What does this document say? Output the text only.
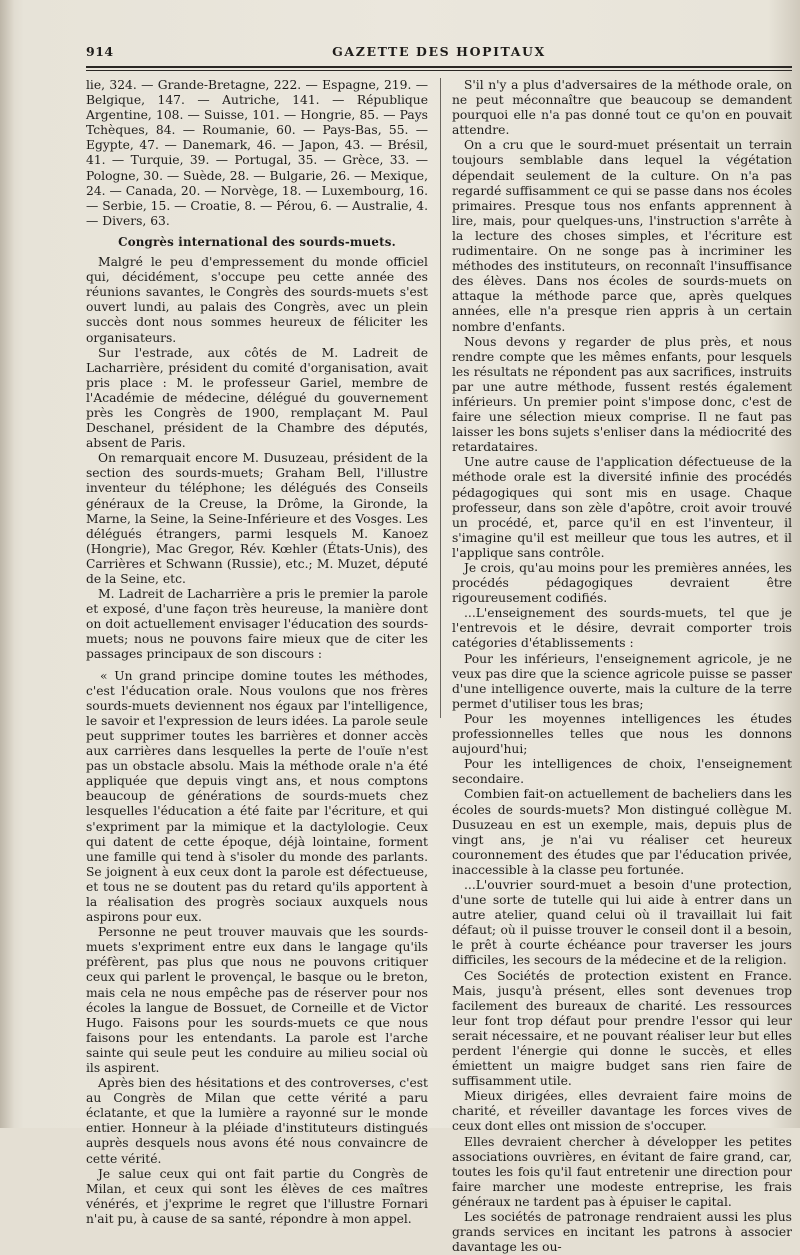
914	GAZETTE DES HOPITAUX

lie, 324. — Grande-Bretagne, 222. — Espagne, 219. — Belgique, 147. — Autriche, 141. — République Argentine, 108. — Suisse, 101. — Hongrie, 85. — Pays Tchèques, 84. — Roumanie, 60. — Pays-Bas, 55. — Egypte, 47. — Danemark, 46. — Japon, 43. — Brésil, 41. — Turquie, 39. — Portugal, 35. — Grèce, 33. — Pologne, 30. — Suède, 28. — Bulgarie, 26. — Mexique, 24. — Canada, 20. — Norvège, 18. — Luxembourg, 16. — Serbie, 15. — Croatie, 8. — Pérou, 6. — Australie, 4. — Divers, 63.

Congrès international des sourds-muets.

Malgré le peu d'empressement du monde officiel qui, décidément, s'occupe peu cette année des réunions savantes, le Congrès des sourds-muets s'est ouvert lundi, au palais des Congrès, avec un plein succès dont nous sommes heureux de féliciter les organisateurs.

Sur l'estrade, aux côtés de M. Ladreit de Lacharrière, président du comité d'organisation, avait pris place : M. le professeur Gariel, membre de l'Académie de médecine, délégué du gouvernement près les Congrès de 1900, remplaçant M. Paul Deschanel, président de la Chambre des députés, absent de Paris.

On remarquait encore M. Dusuzeau, président de la section des sourds-muets; Graham Bell, l'illustre inventeur du téléphone; les délégués des Conseils généraux de la Creuse, la Drôme, la Gironde, la Marne, la Seine, la Seine-Inférieure et des Vosges. Les délégués étrangers, parmi lesquels M. Kanoez (Hongrie), Mac Gregor, Rév. Kœhler (États-Unis), des Carrières et Schwann (Russie), etc.; M. Muzet, député de la Seine, etc.

M. Ladreit de Lacharrière a pris le premier la parole et exposé, d'une façon très heureuse, la manière dont on doit actuellement envisager l'éducation des sourds-muets; nous ne pouvons faire mieux que de citer les passages principaux de son discours :

« Un grand principe domine toutes les méthodes, c'est l'éducation orale. Nous voulons que nos frères sourds-muets deviennent nos égaux par l'intelligence, le savoir et l'expression de leurs idées. La parole seule peut supprimer toutes les barrières et donner accès aux carrières dans lesquelles la perte de l'ouïe n'est pas un obstacle absolu. Mais la méthode orale n'a été appliquée que depuis vingt ans, et nous comptons beaucoup de générations de sourds-muets chez lesquelles l'éducation a été faite par l'écriture, et qui s'expriment par la mimique et la dactylologie. Ceux qui datent de cette époque, déjà lointaine, forment une famille qui tend à s'isoler du monde des parlants. Se joignent à eux ceux dont la parole est défectueuse, et tous ne se doutent pas du retard qu'ils apportent à la réalisation des progrès sociaux auxquels nous aspirons pour eux.

Personne ne peut trouver mauvais que les sourds-muets s'expriment entre eux dans le langage qu'ils préfèrent, pas plus que nous ne pouvons critiquer ceux qui parlent le provençal, le basque ou le breton, mais cela ne nous empêche pas de réserver pour nos écoles la langue de Bossuet, de Corneille et de Victor Hugo. Faisons pour les sourds-muets ce que nous faisons pour les entendants. La parole est l'arche sainte qui seule peut les conduire au milieu social où ils aspirent.

Après bien des hésitations et des controverses, c'est au Congrès de Milan que cette vérité a paru éclatante, et que la lumière a rayonné sur le monde entier. Honneur à la pléiade d'instituteurs distingués auprès desquels nous avons été nous convaincre de cette vérité.

Je salue ceux qui ont fait partie du Congrès de Milan, et ceux qui sont les élèves de ces maîtres vénérés, et j'exprime le regret que l'illustre Fornari n'ait pu, à cause de sa santé, répondre à mon appel.

S'il n'y a plus d'adversaires de la méthode orale, on ne peut méconnaître que beaucoup se demandent pourquoi elle n'a pas donné tout ce qu'on en pouvait attendre.

On a cru que le sourd-muet présentait un terrain toujours semblable dans lequel la végétation dépendait seulement de la culture. On n'a pas regardé suffisamment ce qui se passe dans nos écoles primaires. Presque tous nos enfants apprennent à lire, mais, pour quelques-uns, l'instruction s'arrête à la lecture des choses simples, et l'écriture est rudimentaire. On ne songe pas à incriminer les méthodes des instituteurs, on reconnaît l'insuffisance des élèves. Dans nos écoles de sourds-muets on attaque la méthode parce que, après quelques années, elle n'a presque rien appris à un certain nombre d'enfants.

Nous devons y regarder de plus près, et nous rendre compte que les mêmes enfants, pour lesquels les résultats ne répondent pas aux sacrifices, instruits par une autre méthode, fussent restés également inférieurs. Un premier point s'impose donc, c'est de faire une sélection mieux comprise. Il ne faut pas laisser les bons sujets s'enliser dans la médiocrité des retardataires.

Une autre cause de l'application défectueuse de la méthode orale est la diversité infinie des procédés pédagogiques qui sont mis en usage. Chaque professeur, dans son zèle d'apôtre, croit avoir trouvé un procédé, et, parce qu'il en est l'inventeur, il s'imagine qu'il est meilleur que tous les autres, et il l'applique sans contrôle.

Je crois, qu'au moins pour les premières années, les procédés pédagogiques devraient être rigoureusement codifiés.

...L'enseignement des sourds-muets, tel que je l'entrevois et le désire, devrait comporter trois catégories d'établissements :

Pour les inférieurs, l'enseignement agricole, je ne veux pas dire que la science agricole puisse se passer d'une intelligence ouverte, mais la culture de la terre permet d'utiliser tous les bras;

Pour les moyennes intelligences les études professionnelles telles que nous les donnons aujourd'hui;

Pour les intelligences de choix, l'enseignement secondaire.

Combien fait-on actuellement de bacheliers dans les écoles de sourds-muets? Mon distingué collègue M. Dusuzeau en est un exemple, mais, depuis plus de vingt ans, je n'ai vu réaliser cet heureux couronnement des études que par l'éducation privée, inaccessible à la classe peu fortunée.

...L'ouvrier sourd-muet a besoin d'une protection, d'une sorte de tutelle qui lui aide à entrer dans un autre atelier, quand celui où il travaillait lui fait défaut; où il puisse trouver le conseil dont il a besoin, le prêt à courte échéance pour traverser les jours difficiles, les secours de la médecine et de la religion.

Ces Sociétés de protection existent en France. Mais, jusqu'à présent, elles sont devenues trop facilement des bureaux de charité. Les ressources leur font trop défaut pour prendre l'essor qui leur serait nécessaire, et ne pouvant réaliser leur but elles perdent l'énergie qui donne le succès, et elles émiettent un maigre budget sans rien faire de suffisamment utile.

Mieux dirigées, elles devraient faire moins de charité, et réveiller davantage les forces vives de ceux dont elles ont mission de s'occuper.

Elles devraient chercher à développer les petites associations ouvrières, en évitant de faire grand, car, toutes les fois qu'il faut entretenir une direction pour faire marcher une modeste entreprise, les frais généraux ne tardent pas à épuiser le capital.

Les sociétés de patronage rendraient aussi les plus grands services en incitant les patrons à associer davantage les ou-
